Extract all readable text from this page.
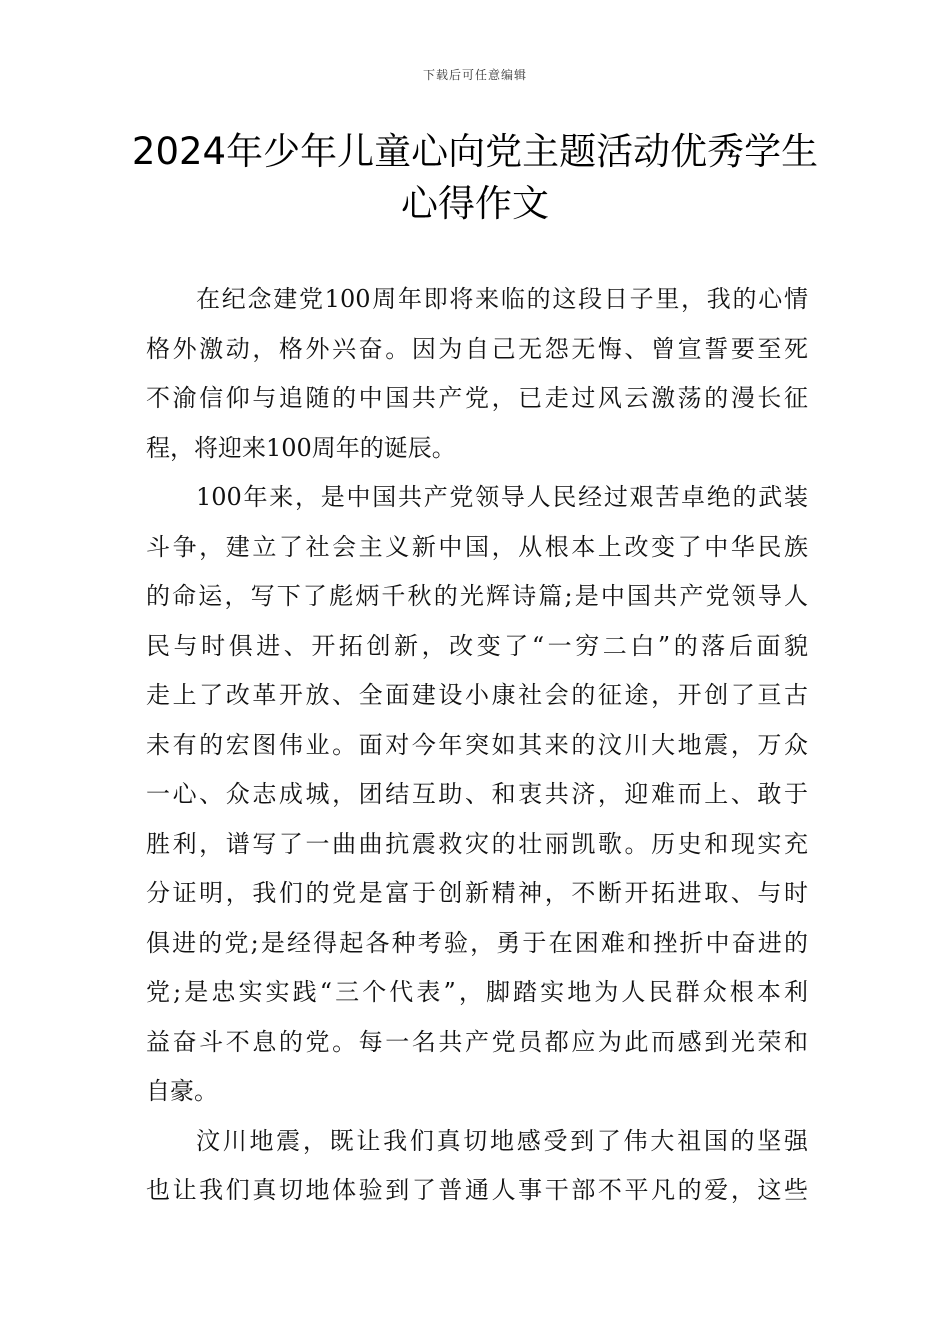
下载后可任意编辑
2024年少年儿童心向党主题活动优秀学生
心得作文
在纪念建党100周年即将来临的这段日子里，我的心情
格外激动，格外兴奋。因为自己无怨无悔、曾宣誓要至死
不渝信仰与追随的中国共产党，已走过风云激荡的漫长征
程，将迎来100周年的诞辰。
100年来，是中国共产党领导人民经过艰苦卓绝的武装
斗争，建立了社会主义新中国，从根本上改变了中华民族
的命运，写下了彪炳千秋的光辉诗篇;是中国共产党领导人
民与时俱进、开拓创新，改变了“一穷二白”的落后面貌
走上了改革开放、全面建设小康社会的征途，开创了亘古
未有的宏图伟业。面对今年突如其来的汶川大地震，万众
一心、众志成城，团结互助、和衷共济，迎难而上、敢于
胜利，谱写了一曲曲抗震救灾的壮丽凯歌。历史和现实充
分证明，我们的党是富于创新精神，不断开拓进取、与时
俱进的党;是经得起各种考验，勇于在困难和挫折中奋进的
党;是忠实实践“三个代表”，脚踏实地为人民群众根本利
益奋斗不息的党。每一名共产党员都应为此而感到光荣和
自豪。
汶川地震，既让我们真切地感受到了伟大祖国的坚强
也让我们真切地体验到了普通人事干部不平凡的爱，这些
